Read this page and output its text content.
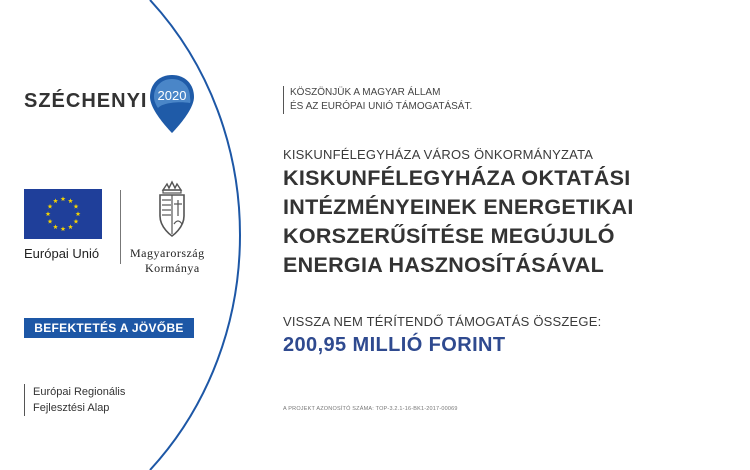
SZÉCHENYI 2020	KÖSZÖNJÜK A MAGYAR ÁLLAM
ÉS AZ EURÓPAI UNIÓ TÁMOGATÁSÁT.
Európai Unió	Magyarország
Kormánya
BEFEKTETÉS A JÖVŐBE
Európai Regionális
Fejlesztési Alap
KISKUNFÉLEGYHÁZA VÁROS ÖNKORMÁNYZATA
KISKUNFÉLEGYHÁZA OKTATÁSI
INTÉZMÉNYEINEK ENERGETIKAI
KORSZERŰSÍTÉSE MEGÚJULÓ
ENERGIA HASZNOSÍTÁSÁVAL
VISSZA NEM TÉRÍTENDŐ TÁMOGATÁS ÖSSZEGE:
200,95 MILLIÓ FORINT
A PROJEKT AZONOSÍTÓ SZÁMA: TOP-3.2.1-16-BK1-2017-00069
